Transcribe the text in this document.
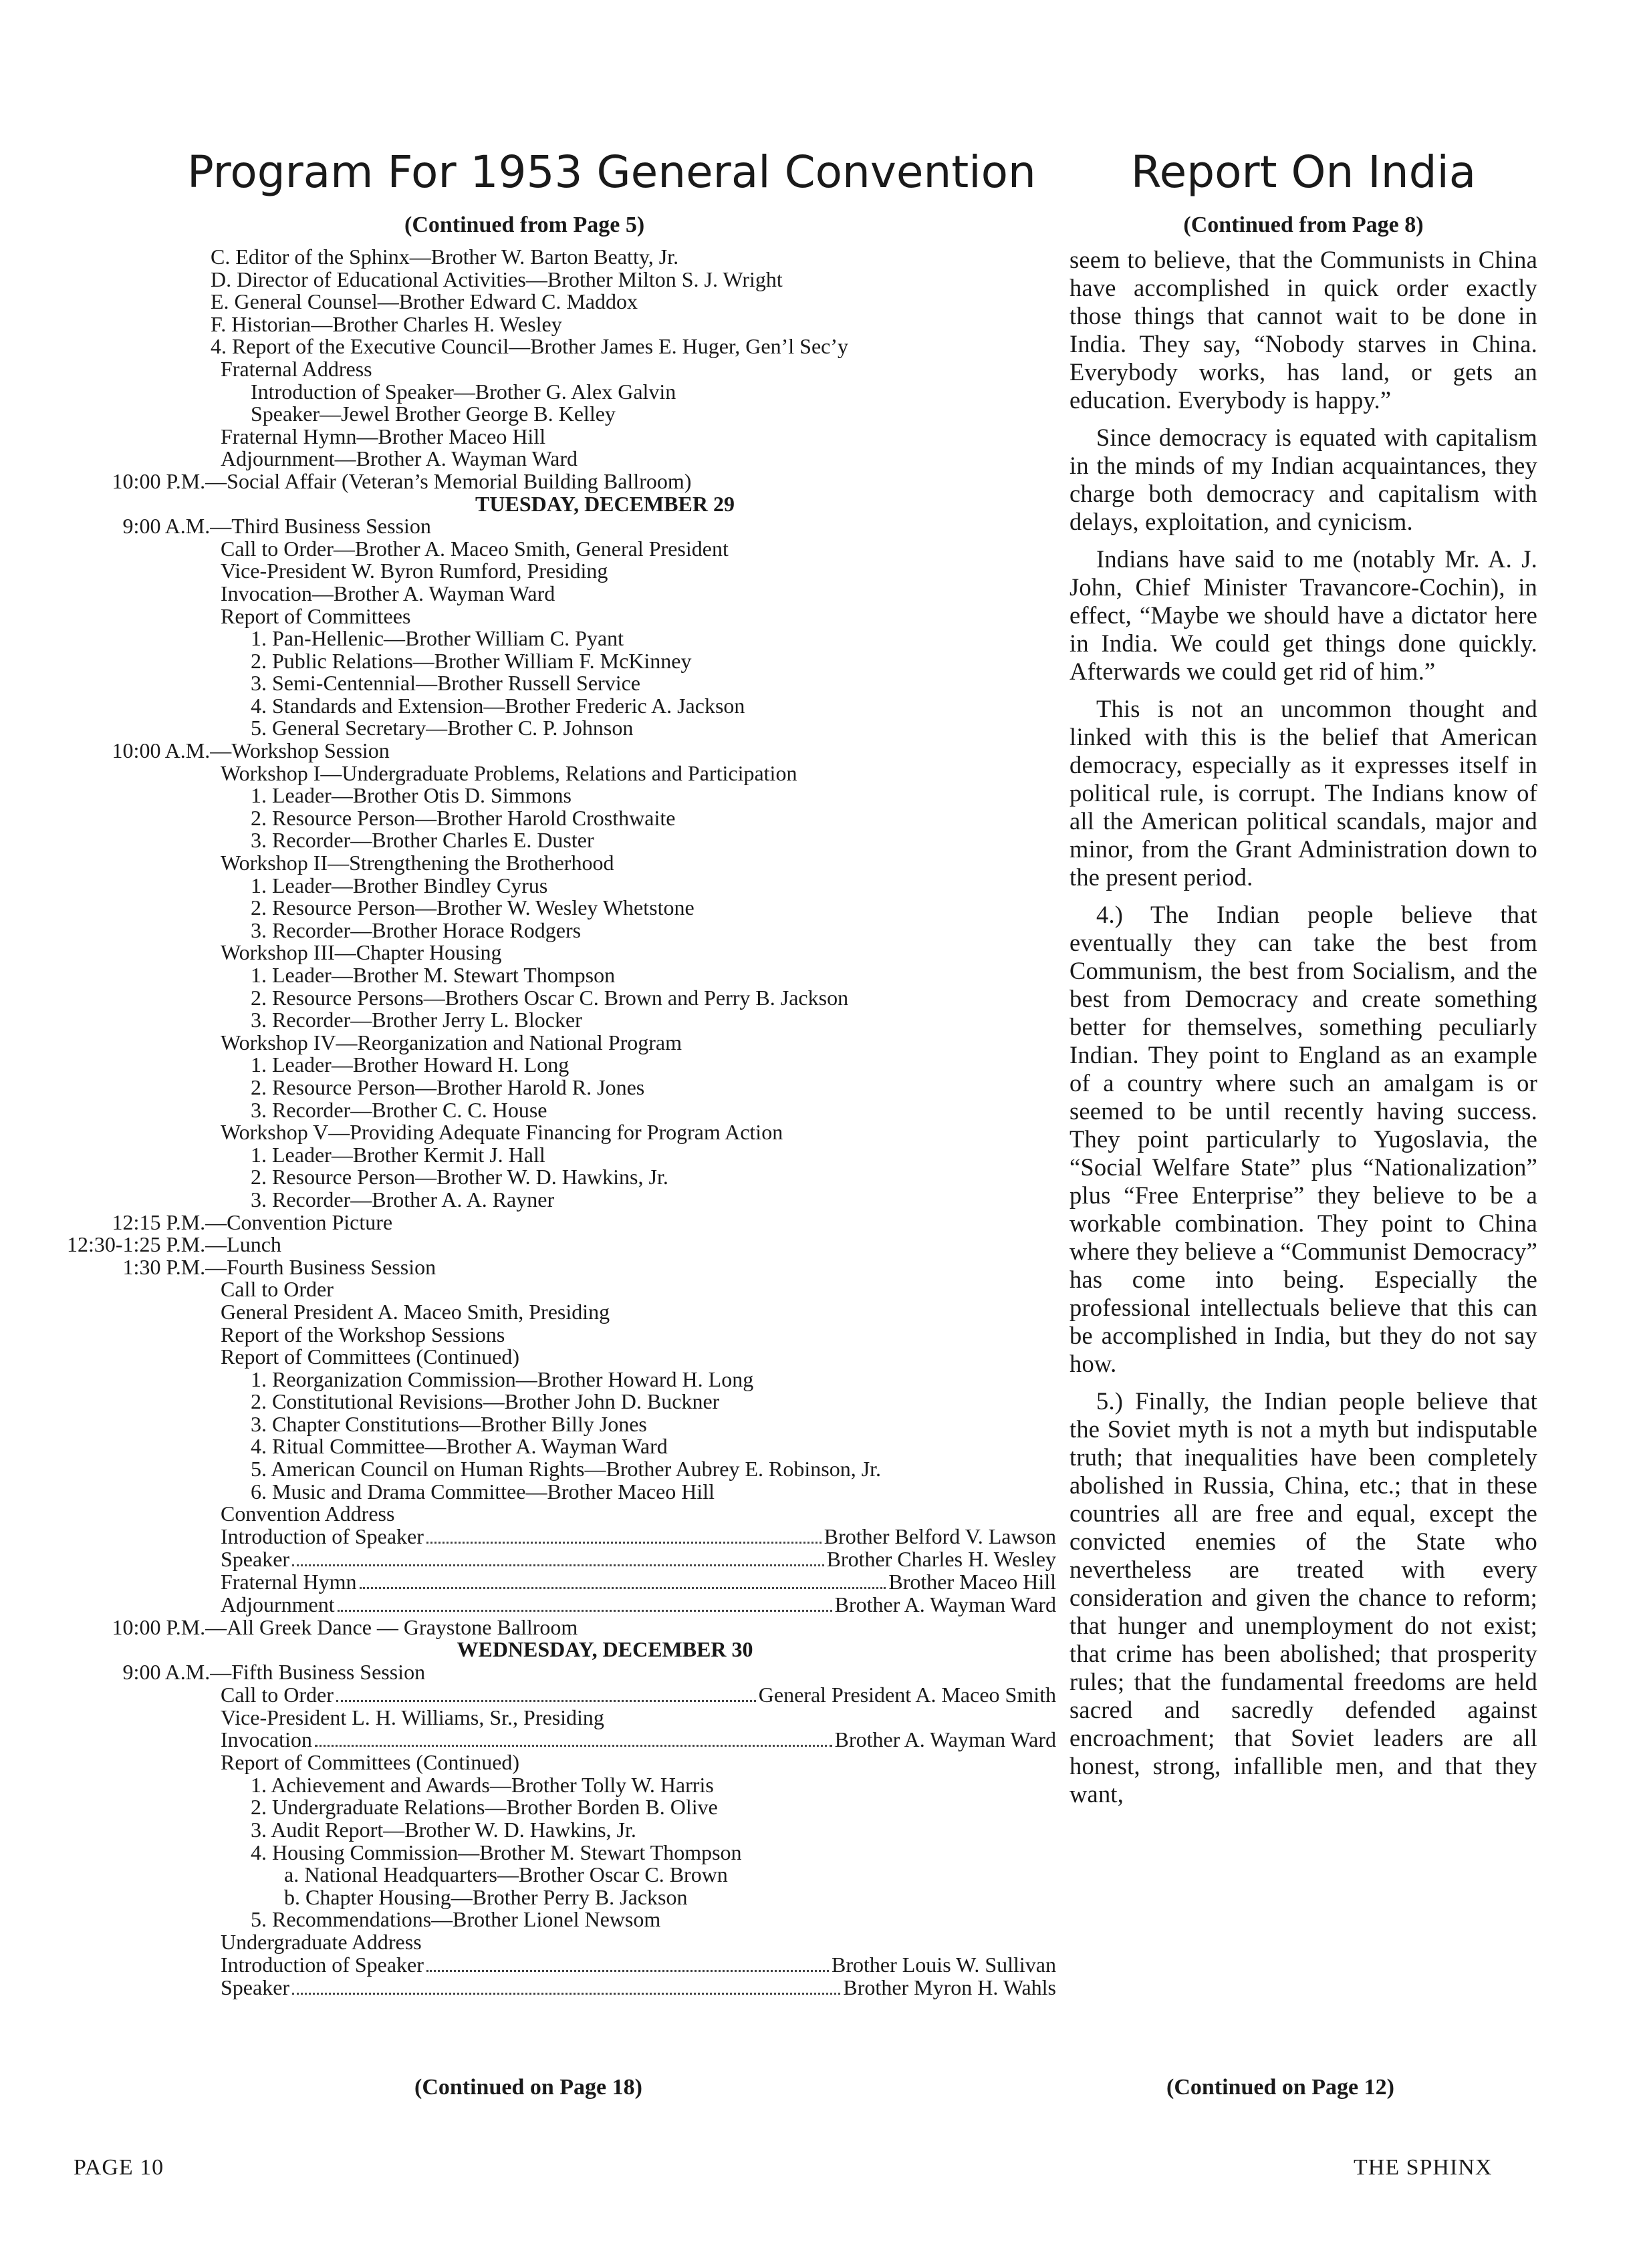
Program For 1953 General Convention
(Continued from Page 5)
C. Editor of the Sphinx—Brother W. Barton Beatty, Jr.
D. Director of Educational Activities—Brother Milton S. J. Wright
E. General Counsel—Brother Edward C. Maddox
F. Historian—Brother Charles H. Wesley
4. Report of the Executive Council—Brother James E. Huger, Gen’l Sec’y
Fraternal Address
Introduction of Speaker—Brother G. Alex Galvin
Speaker—Jewel Brother George B. Kelley
Fraternal Hymn—Brother Maceo Hill
Adjournment—Brother A. Wayman Ward
10:00 P.M.—Social Affair (Veteran’s Memorial Building Ballroom)
TUESDAY, DECEMBER 29
9:00 A.M.—Third Business Session
Call to Order—Brother A. Maceo Smith, General President
Vice-President W. Byron Rumford, Presiding
Invocation—Brother A. Wayman Ward
Report of Committees
1. Pan-Hellenic—Brother William C. Pyant
2. Public Relations—Brother William F. McKinney
3. Semi-Centennial—Brother Russell Service
4. Standards and Extension—Brother Frederic A. Jackson
5. General Secretary—Brother C. P. Johnson
10:00 A.M.—Workshop Session
Workshop I—Undergraduate Problems, Relations and Participation
1. Leader—Brother Otis D. Simmons
2. Resource Person—Brother Harold Crosthwaite
3. Recorder—Brother Charles E. Duster
Workshop II—Strengthening the Brotherhood
1. Leader—Brother Bindley Cyrus
2. Resource Person—Brother W. Wesley Whetstone
3. Recorder—Brother Horace Rodgers
Workshop III—Chapter Housing
1. Leader—Brother M. Stewart Thompson
2. Resource Persons—Brothers Oscar C. Brown and Perry B. Jackson
3. Recorder—Brother Jerry L. Blocker
Workshop IV—Reorganization and National Program
1. Leader—Brother Howard H. Long
2. Resource Person—Brother Harold R. Jones
3. Recorder—Brother C. C. House
Workshop V—Providing Adequate Financing for Program Action
1. Leader—Brother Kermit J. Hall
2. Resource Person—Brother W. D. Hawkins, Jr.
3. Recorder—Brother A. A. Rayner
12:15 P.M.—Convention Picture
12:30-1:25 P.M.—Lunch
1:30 P.M.—Fourth Business Session
Call to Order
General President A. Maceo Smith, Presiding
Report of the Workshop Sessions
Report of Committees (Continued)
1. Reorganization Commission—Brother Howard H. Long
2. Constitutional Revisions—Brother John D. Buckner
3. Chapter Constitutions—Brother Billy Jones
4. Ritual Committee—Brother A. Wayman Ward
5. American Council on Human Rights—Brother Aubrey E. Robinson, Jr.
6. Music and Drama Committee—Brother Maceo Hill
Convention Address
Introduction of Speaker	Brother Belford V. Lawson
Speaker	Brother Charles H. Wesley
Fraternal Hymn	Brother Maceo Hill
Adjournment	Brother A. Wayman Ward
10:00 P.M.—All Greek Dance — Graystone Ballroom
WEDNESDAY, DECEMBER 30
9:00 A.M.—Fifth Business Session
Call to Order	General President A. Maceo Smith
Vice-President L. H. Williams, Sr., Presiding
Invocation	Brother A. Wayman Ward
Report of Committees (Continued)
1. Achievement and Awards—Brother Tolly W. Harris
2. Undergraduate Relations—Brother Borden B. Olive
3. Audit Report—Brother W. D. Hawkins, Jr.
4. Housing Commission—Brother M. Stewart Thompson
a. National Headquarters—Brother Oscar C. Brown
b. Chapter Housing—Brother Perry B. Jackson
5. Recommendations—Brother Lionel Newsom
Undergraduate Address
Introduction of Speaker	Brother Louis W. Sullivan
Speaker	Brother Myron H. Wahls
(Continued on Page 18)
Report On India
(Continued from Page 8)

seem to believe, that the Communists in China have accomplished in quick order exactly those things that cannot wait to be done in India. They say, “Nobody starves in China. Everybody works, has land, or gets an education. Everybody is happy.”

Since democracy is equated with capitalism in the minds of my Indian acquaintances, they charge both democracy and capitalism with delays, exploitation, and cynicism.

Indians have said to me (notably Mr. A. J. John, Chief Minister Travancore-Cochin), in effect, “Maybe we should have a dictator here in India. We could get things done quickly. Afterwards we could get rid of him.”

This is not an uncommon thought and linked with this is the belief that American democracy, especially as it expresses itself in political rule, is corrupt. The Indians know of all the American political scandals, major and minor, from the Grant Administration down to the present period.

4.) The Indian people believe that eventually they can take the best from Communism, the best from Socialism, and the best from Democracy and create something better for themselves, something peculiarly Indian. They point to England as an example of a country where such an amalgam is or seemed to be until recently having success. They point particularly to Yugoslavia, the “Social Welfare State” plus “Nationalization” plus “Free Enterprise” they believe to be a workable combination. They point to China where they believe a “Communist Democracy” has come into being. Especially the professional intellectuals believe that this can be accomplished in India, but they do not say how.

5.) Finally, the Indian people believe that the Soviet myth is not a myth but indisputable truth; that inequalities have been completely abolished in Russia, China, etc.; that in these countries all are free and equal, except the convicted enemies of the State who nevertheless are treated with every consideration and given the chance to reform; that hunger and unemployment do not exist; that crime has been abolished; that prosperity rules; that the fundamental freedoms are held sacred and sacredly defended against encroachment; that Soviet leaders are all honest, strong, infallible men, and that they want,

(Continued on Page 12)
PAGE 10	THE SPHINX
